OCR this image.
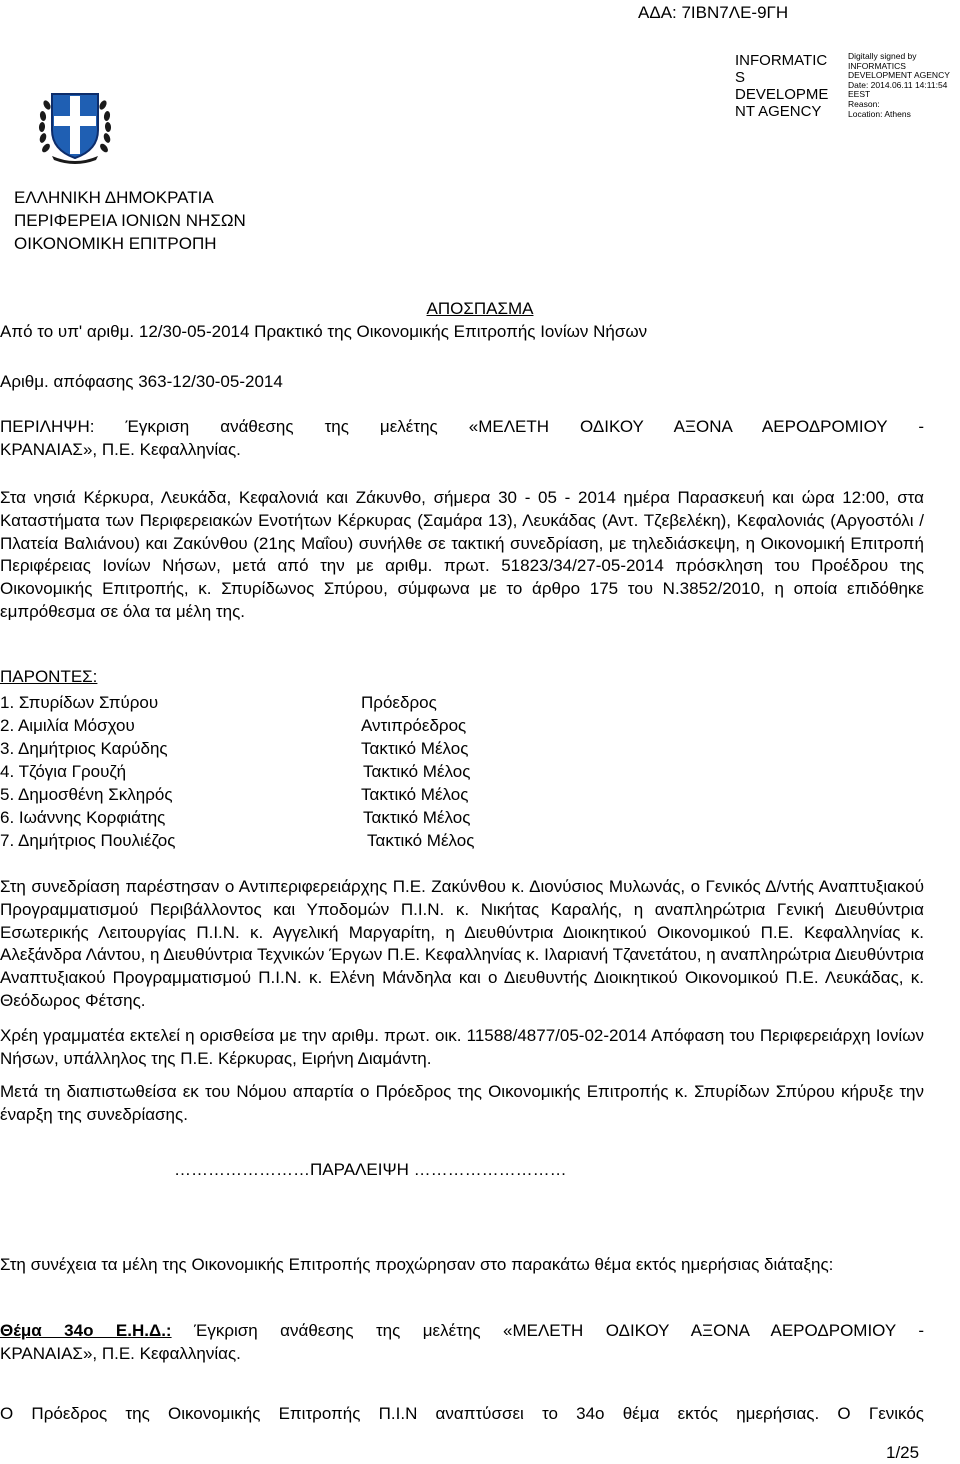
ΑΔΑ: 7ΙΒΝ7ΛΕ-9ΓΗ
INFORMATIC
S
DEVELOPME
NT AGENCY
Digitally signed by
INFORMATICS
DEVELOPMENT AGENCY
Date: 2014.06.11 14:11:54
EEST
Reason:
Location: Athens
ΕΛΛΗΝΙΚΗ ΔΗΜΟΚΡΑΤΙΑ
ΠΕΡΙΦΕΡΕΙΑ ΙΟΝΙΩΝ ΝΗΣΩΝ
ΟΙΚΟΝΟΜΙΚΗ ΕΠΙΤΡΟΠΗ
ΑΠΟΣΠΑΣΜΑ
Από το υπ' αριθμ. 12/30-05-2014 Πρακτικό της Οικονομικής Επιτροπής Ιονίων Νήσων
Αριθμ. απόφασης 363-12/30-05-2014
ΠΕΡΙΛΗΨΗ: Έγκριση ανάθεσης της μελέτης «ΜΕΛΕΤΗ ΟΔΙΚΟΥ ΑΞΟΝΑ ΑΕΡΟΔΡΟΜΙΟΥ -
ΚΡΑΝΑΙΑΣ», Π.Ε. Κεφαλληνίας.
Στα νησιά Κέρκυρα, Λευκάδα, Κεφαλονιά και Ζάκυνθο, σήμερα 30 - 05 - 2014 ημέρα Παρασκευή και ώρα 12:00, στα Καταστήματα των Περιφερειακών Ενοτήτων Κέρκυρας (Σαμάρα 13), Λευκάδας (Αντ. Τζεβελέκη), Κεφαλονιάς (Αργοστόλι /Πλατεία Βαλιάνου) και Ζακύνθου (21ης Μαΐου) συνήλθε σε τακτική συνεδρίαση, με τηλεδιάσκεψη, η Οικονομική Επιτροπή Περιφέρειας Ιονίων Νήσων, μετά από την με αριθμ. πρωτ. 51823/34/27-05-2014 πρόσκληση του Προέδρου της Οικονομικής Επιτροπής, κ. Σπυρίδωνος Σπύρου, σύμφωνα με το άρθρο 175 του Ν.3852/2010, η οποία επιδόθηκε εμπρόθεσμα σε όλα τα μέλη της.
ΠΑΡΟΝΤΕΣ:
1. Σπυρίδων Σπύρου	Πρόεδρος
2. Αιμιλία Μόσχου	Αντιπρόεδρος
3. Δημήτριος Καρύδης	Τακτικό Μέλος
4. Τζόγια Γρουζή	Τακτικό Μέλος
5. Δημοσθένη Σκληρός	Τακτικό Μέλος
6. Ιωάννης Κορφιάτης	Τακτικό Μέλος
7. Δημήτριος Πουλιέζος	Τακτικό Μέλος
Στη συνεδρίαση παρέστησαν ο Αντιπεριφερειάρχης Π.Ε. Ζακύνθου κ. Διονύσιος Μυλωνάς, ο Γενικός Δ/ντής Αναπτυξιακού Προγραμματισμού Περιβάλλοντος και Υποδομών Π.Ι.Ν. κ. Νικήτας Καραλής, η αναπληρώτρια Γενική Διευθύντρια Εσωτερικής Λειτουργίας Π.Ι.Ν. κ. Αγγελική Μαργαρίτη, η Διευθύντρια Διοικητικού Οικονομικού Π.Ε. Κεφαλληνίας κ. Αλεξάνδρα Λάντου, η Διευθύντρια Τεχνικών Έργων Π.Ε. Κεφαλληνίας κ. Ιλαριανή Τζανετάτου, η αναπληρώτρια Διευθύντρια Αναπτυξιακού Προγραμματισμού Π.Ι.Ν. κ. Ελένη Μάνδηλα και ο Διευθυντής Διοικητικού Οικονομικού Π.Ε. Λευκάδας, κ. Θεόδωρος Φέτσης.
Χρέη γραμματέα εκτελεί η ορισθείσα με την αριθμ. πρωτ. οικ. 11588/4877/05-02-2014 Απόφαση του Περιφερειάρχη Ιονίων Νήσων, υπάλληλος της Π.Ε. Κέρκυρας, Ειρήνη Διαμάντη.
Μετά τη διαπιστωθείσα εκ του Νόμου απαρτία ο Πρόεδρος της Οικονομικής Επιτροπής κ. Σπυρίδων Σπύρου κήρυξε την έναρξη της συνεδρίασης.
……………………ΠΑΡΑΛΕΙΨΗ ………………………
Στη συνέχεια τα μέλη της Οικονομικής Επιτροπής προχώρησαν στο παρακάτω θέμα εκτός ημερήσιας διάταξης:
Θέμα 34ο Ε.Η.Δ.: Έγκριση ανάθεσης της μελέτης «ΜΕΛΕΤΗ ΟΔΙΚΟΥ ΑΞΟΝΑ ΑΕΡΟΔΡΟΜΙΟΥ -
ΚΡΑΝΑΙΑΣ», Π.Ε. Κεφαλληνίας.
Ο Πρόεδρος της Οικονομικής Επιτροπής Π.Ι.Ν αναπτύσσει το 34ο θέμα εκτός ημερήσιας. Ο Γενικός
1/25
